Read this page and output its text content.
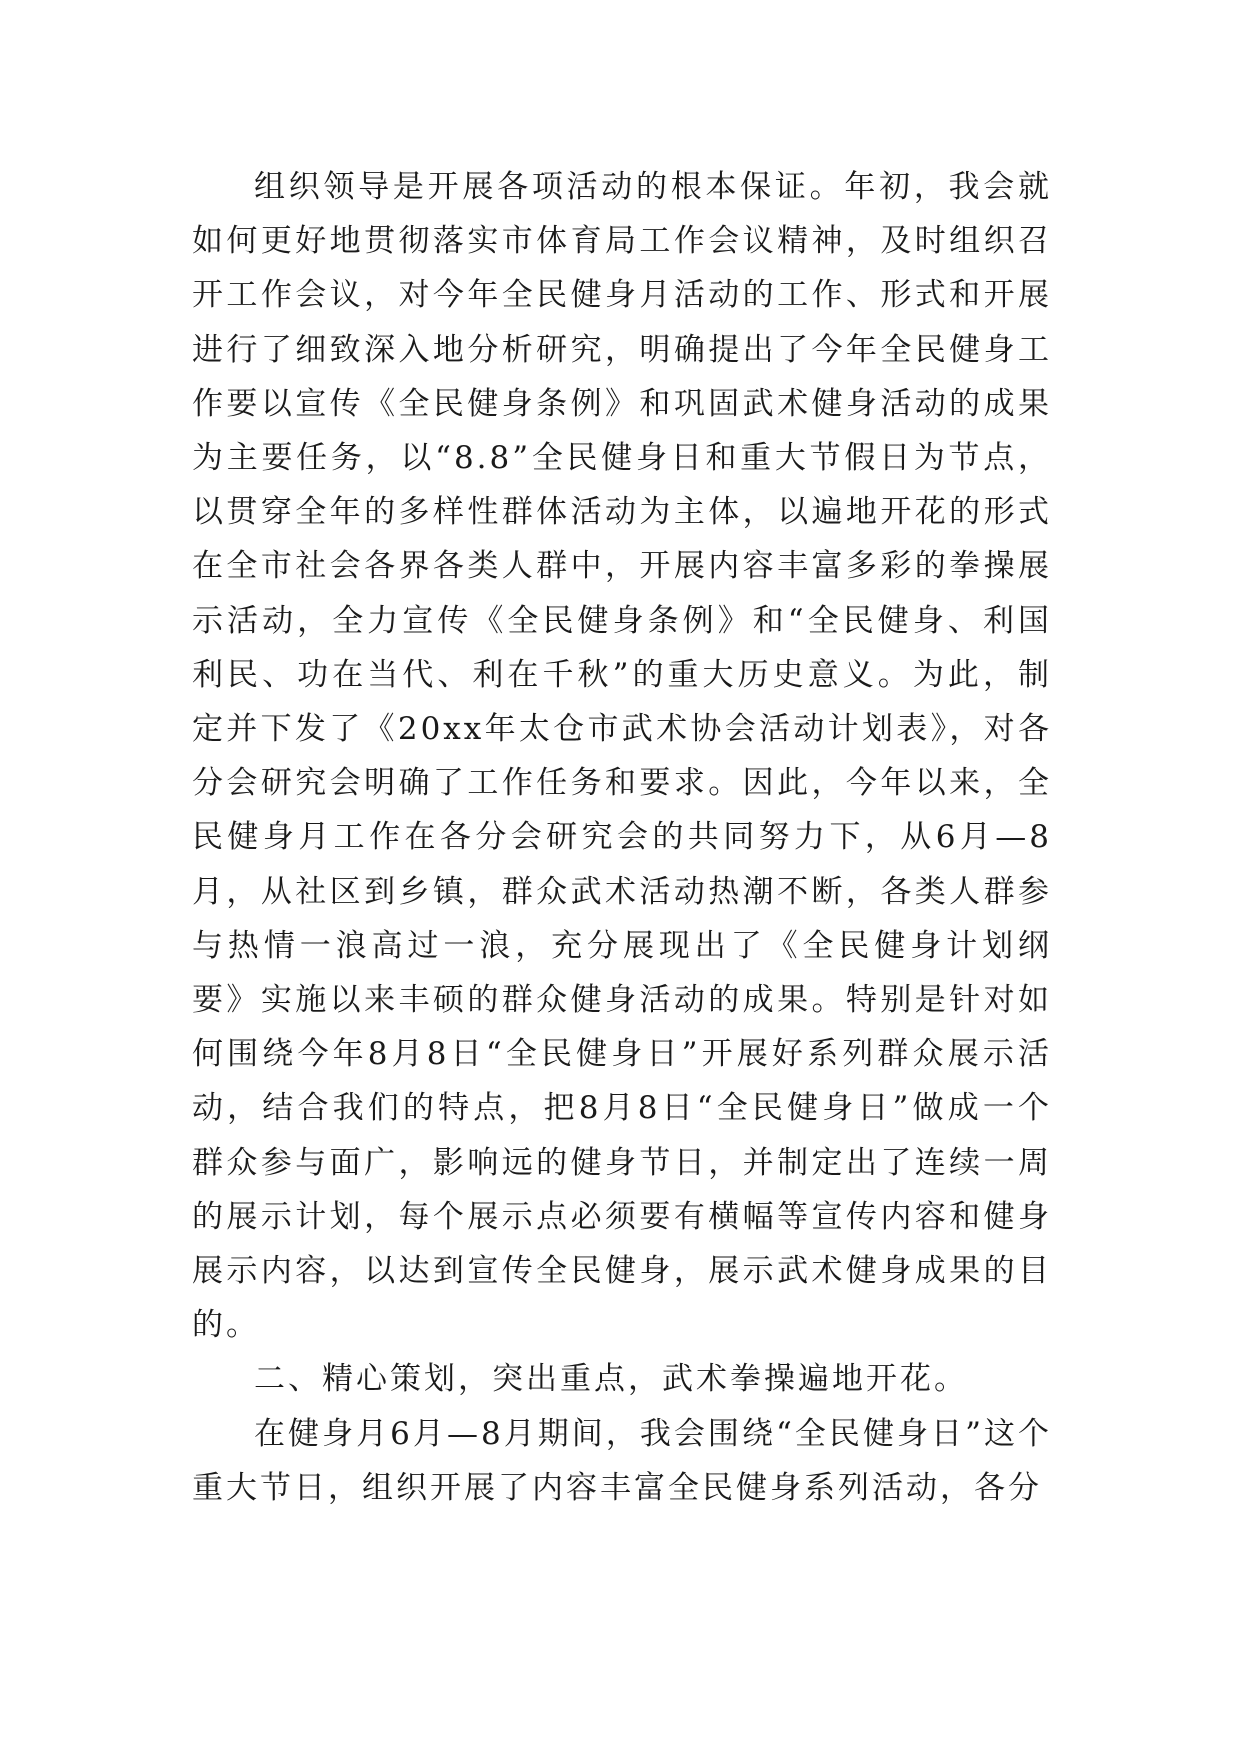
组织领导是开展各项活动的根本保证。年初，我会就如何更好地贯彻落实市体育局工作会议精神，及时组织召开工作会议，对今年全民健身月活动的工作、形式和开展进行了细致深入地分析研究，明确提出了今年全民健身工作要以宣传《全民健身条例》和巩固武术健身活动的成果为主要任务，以“8.8”全民健身日和重大节假日为节点，以贯穿全年的多样性群体活动为主体，以遍地开花的形式在全市社会各界各类人群中，开展内容丰富多彩的拳操展示活动，全力宣传《全民健身条例》和“全民健身、利国利民、功在当代、利在千秋”的重大历史意义。为此，制定并下发了《20xx年太仓市武术协会活动计划表》，对各分会研究会明确了工作任务和要求。因此，今年以来，全民健身月工作在各分会研究会的共同努力下，从6月—8月，从社区到乡镇，群众武术活动热潮不断，各类人群参与热情一浪高过一浪，充分展现出了《全民健身计划纲要》实施以来丰硕的群众健身活动的成果。特别是针对如何围绕今年8月8日“全民健身日”开展好系列群众展示活动，结合我们的特点，把8月8日“全民健身日”做成一个群众参与面广，影响远的健身节日，并制定出了连续一周的展示计划，每个展示点必须要有横幅等宣传内容和健身展示内容，以达到宣传全民健身，展示武术健身成果的目的。

二、精心策划，突出重点，武术拳操遍地开花。

在健身月6月—8月期间，我会围绕“全民健身日”这个重大节日，组织开展了内容丰富全民健身系列活动，各分
